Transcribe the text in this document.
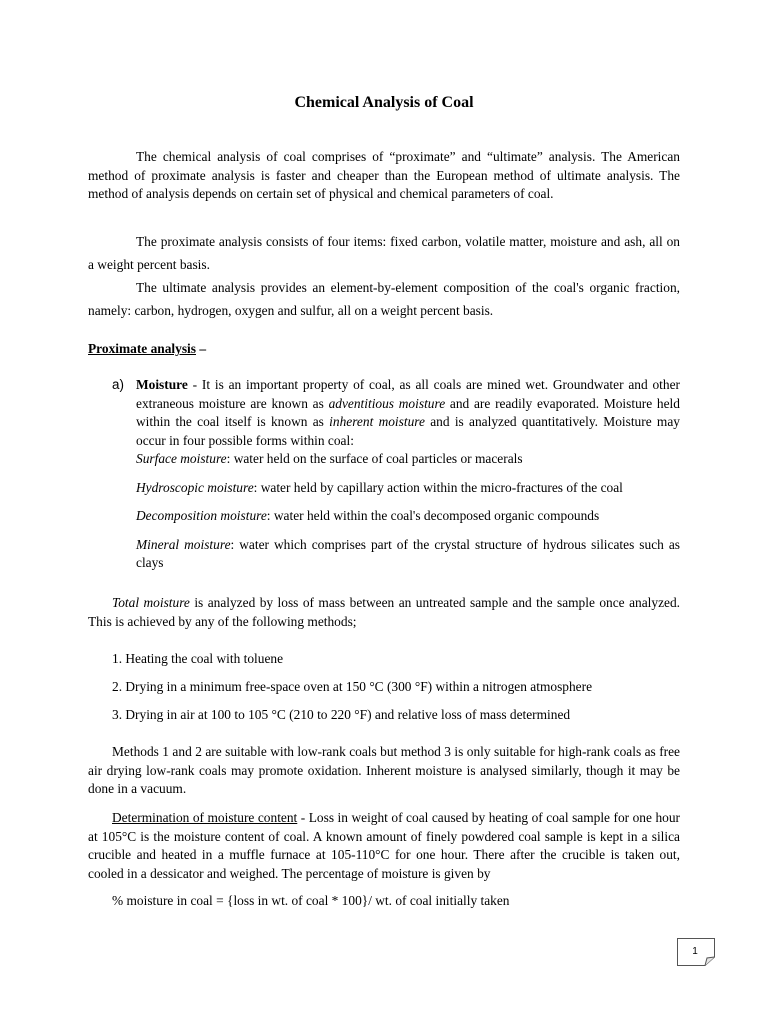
Chemical Analysis of Coal

The chemical analysis of coal comprises of “proximate” and “ultimate” analysis. The American method of proximate analysis is faster and cheaper than the European method of ultimate analysis. The method of analysis depends on certain set of physical and chemical parameters of coal.

The proximate analysis consists of four items: fixed carbon, volatile matter, moisture and ash, all on a weight percent basis.

The ultimate analysis provides an element-by-element composition of the coal's organic fraction, namely: carbon, hydrogen, oxygen and sulfur, all on a weight percent basis.

Proximate analysis –
a) Moisture - It is an important property of coal, as all coals are mined wet. Groundwater and other extraneous moisture are known as adventitious moisture and are readily evaporated. Moisture held within the coal itself is known as inherent moisture and is analyzed quantitatively. Moisture may occur in four possible forms within coal:
Surface moisture: water held on the surface of coal particles or macerals
Hydroscopic moisture: water held by capillary action within the micro-fractures of the coal
Decomposition moisture: water held within the coal's decomposed organic compounds
Mineral moisture: water which comprises part of the crystal structure of hydrous silicates such as clays

Total moisture is analyzed by loss of mass between an untreated sample and the sample once analyzed. This is achieved by any of the following methods;

1. Heating the coal with toluene
2. Drying in a minimum free-space oven at 150 °C (300 °F) within a nitrogen atmosphere
3. Drying in air at 100 to 105 °C (210 to 220 °F) and relative loss of mass determined

Methods 1 and 2 are suitable with low-rank coals but method 3 is only suitable for high-rank coals as free air drying low-rank coals may promote oxidation. Inherent moisture is analysed similarly, though it may be done in a vacuum.

Determination of moisture content - Loss in weight of coal caused by heating of coal sample for one hour at 105°C is the moisture content of coal. A known amount of finely powdered coal sample is kept in a silica crucible and heated in a muffle furnace at 105-110°C for one hour. There after the crucible is taken out, cooled in a dessicator and weighed. The percentage of moisture is given by

% moisture in coal = {loss in wt. of coal * 100}/ wt. of coal initially taken
1
